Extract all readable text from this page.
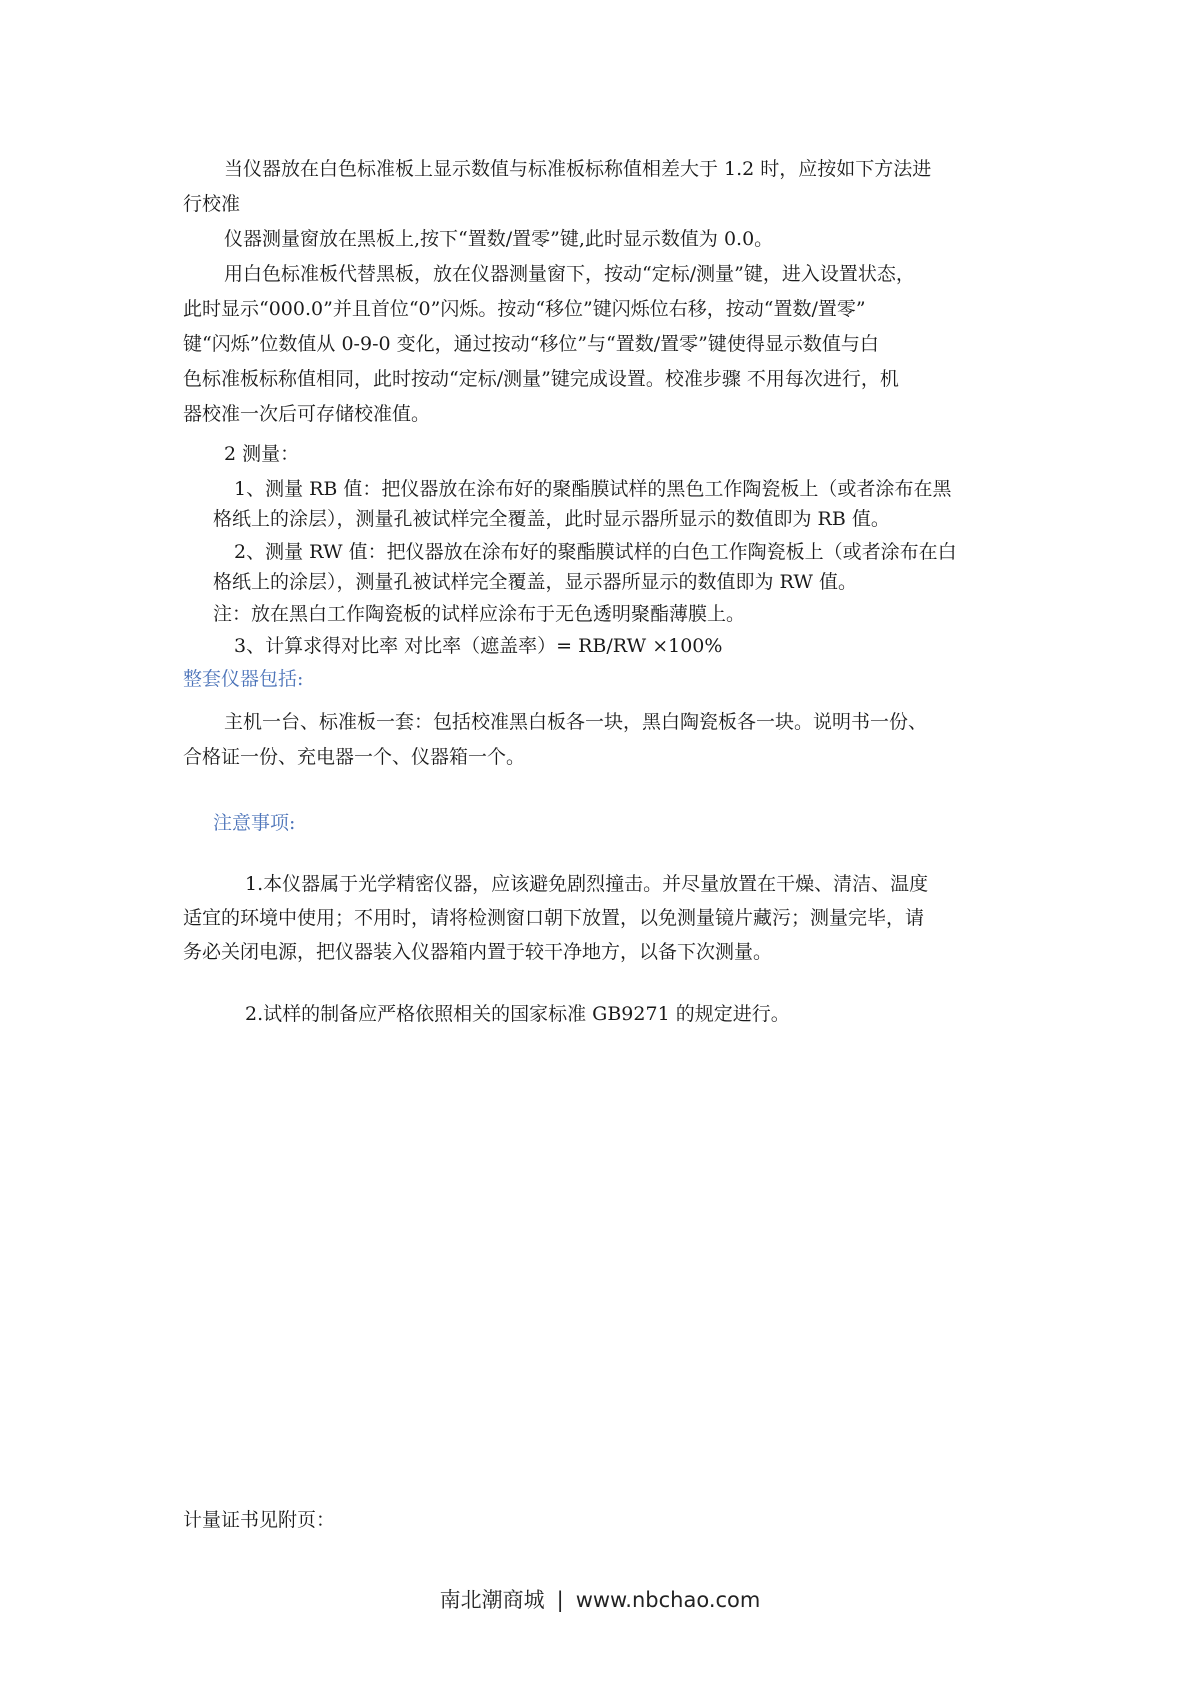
当仪器放在白色标准板上显示数值与标准板标称值相差大于 1.2 时，应按如下方法进
行校准
仪器测量窗放在黑板上,按下“置数/置零”键,此时显示数值为 0.0。
用白色标准板代替黑板，放在仪器测量窗下，按动“定标/测量”键，进入设置状态，
此时显示“000.0”并且首位“0”闪烁。按动“移位”键闪烁位右移，按动“置数/置零”
键“闪烁”位数值从 0-9-0 变化，通过按动“移位”与“置数/置零”键使得显示数值与白
色标准板标称值相同，此时按动“定标/测量”键完成设置。校准步骤 不用每次进行，机
器校准一次后可存储校准值。
2 测量：
1、测量 RB 值：把仪器放在涂布好的聚酯膜试样的黑色工作陶瓷板上（或者涂布在黑
格纸上的涂层），测量孔被试样完全覆盖，此时显示器所显示的数值即为 RB 值。
2、测量 RW 值：把仪器放在涂布好的聚酯膜试样的白色工作陶瓷板上（或者涂布在白
格纸上的涂层），测量孔被试样完全覆盖，显示器所显示的数值即为 RW 值。
注：放在黑白工作陶瓷板的试样应涂布于无色透明聚酯薄膜上。
3、计算求得对比率 对比率（遮盖率）= RB/RW ×100%
整套仪器包括:
主机一台、标准板一套：包括校准黑白板各一块，黑白陶瓷板各一块。说明书一份、
合格证一份、充电器一个、仪器箱一个。
注意事项:
1.本仪器属于光学精密仪器，应该避免剧烈撞击。并尽量放置在干燥、清洁、温度
适宜的环境中使用；不用时，请将检测窗口朝下放置，以免测量镜片藏污；测量完毕，请
务必关闭电源，把仪器装入仪器箱内置于较干净地方，以备下次测量。
2.试样的制备应严格依照相关的国家标准 GB9271 的规定进行。
计量证书见附页：
南北潮商城 | www.nbchao.com
